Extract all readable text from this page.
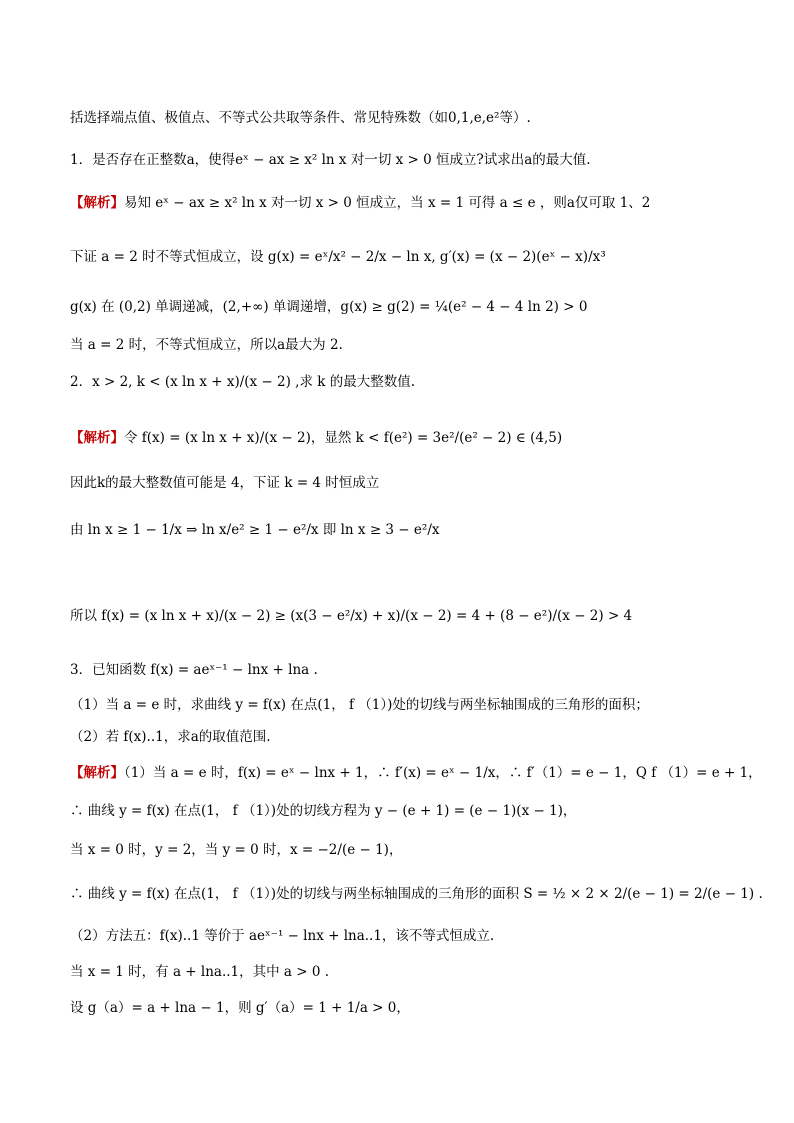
括选择端点值、极值点、不等式公共取等条件、常见特殊数（如0,1,e,e²等）.
1．是否存在正整数a，使得eˣ − ax ≥ x² ln x 对一切 x > 0 恒成立?试求出a的最大值.
【解析】易知 eˣ − ax ≥ x² ln x 对一切 x > 0 恒成立，当 x = 1 可得 a ≤ e ，则a仅可取 1、2
下证 a = 2 时不等式恒成立，设 g(x) = eˣ/x² − 2/x − ln x, g′(x) = (x − 2)(eˣ − x)/x³
g(x) 在 (0,2) 单调递减，(2,+∞) 单调递增，g(x) ≥ g(2) = ¼(e² − 4 − 4 ln 2) > 0
当 a = 2 时，不等式恒成立，所以a最大为 2.
2．x > 2, k < (x ln x + x)/(x − 2) ,求 k 的最大整数值.
【解析】令 f(x) = (x ln x + x)/(x − 2)，显然 k < f(e²) = 3e²/(e² − 2) ∈ (4,5)
因此k的最大整数值可能是 4，下证 k = 4 时恒成立
由 ln x ≥ 1 − 1/x ⇒ ln x/e² ≥ 1 − e²/x 即 ln x ≥ 3 − e²/x
所以 f(x) = (x ln x + x)/(x − 2) ≥ (x(3 − e²/x) + x)/(x − 2) = 4 + (8 − e²)/(x − 2) > 4
3．已知函数 f(x) = aeˣ⁻¹ − lnx + lna .
（1）当 a = e 时，求曲线 y = f(x) 在点(1， f （1）)处的切线与两坐标轴围成的三角形的面积；
（2）若 f(x)..1，求a的取值范围.
【解析】（1）当 a = e 时，f(x) = eˣ − lnx + 1，∴ f′(x) = eˣ − 1/x，∴ f′（1）= e − 1，Q f （1）= e + 1，
∴ 曲线 y = f(x) 在点(1， f （1）)处的切线方程为 y − (e + 1) = (e − 1)(x − 1)，
当 x = 0 时，y = 2，当 y = 0 时，x = −2/(e − 1)，
∴ 曲线 y = f(x) 在点(1， f （1）)处的切线与两坐标轴围成的三角形的面积 S = ½ × 2 × 2/(e − 1) = 2/(e − 1) .
（2）方法五：f(x)..1 等价于 aeˣ⁻¹ − lnx + lna..1，该不等式恒成立.
当 x = 1 时，有 a + lna..1，其中 a > 0 .
设 g（a）= a + lna − 1，则 g′（a）= 1 + 1/a > 0，
